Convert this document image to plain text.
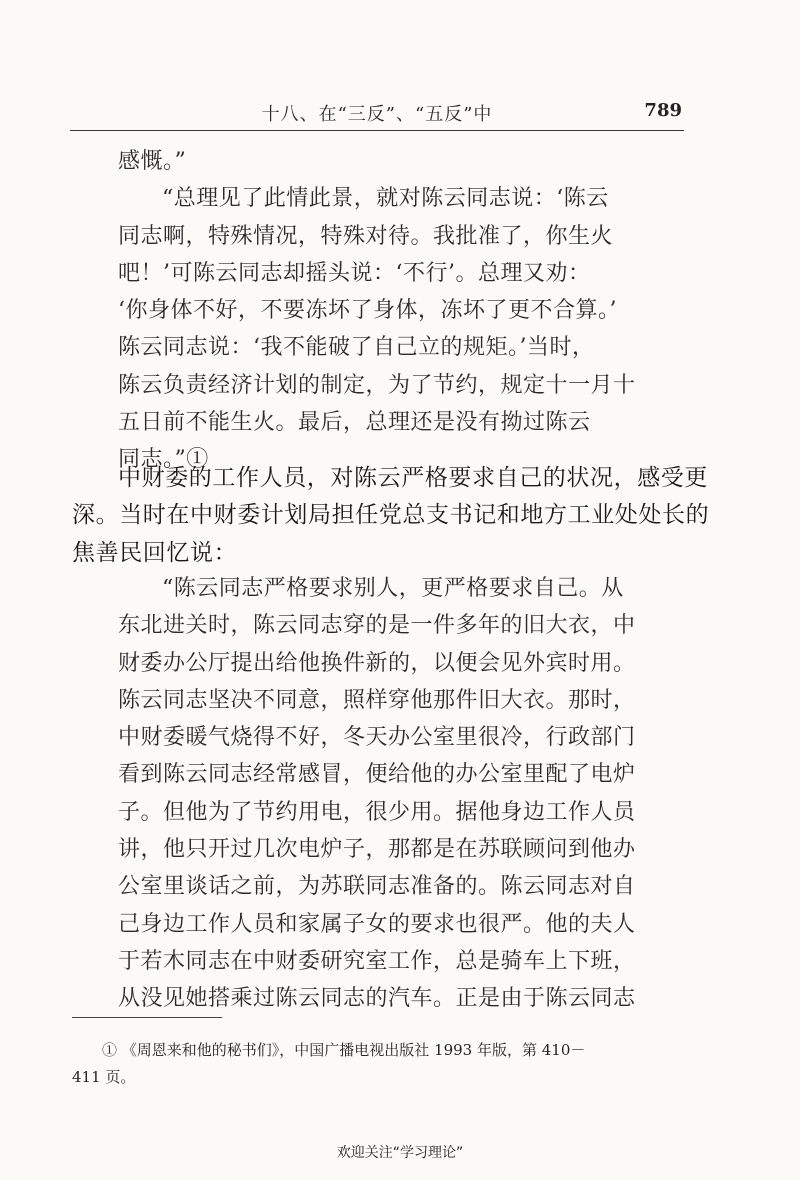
十八、在“三反”、“五反”中	789
感慨。”
“总理见了此情此景，就对陈云同志说：‘陈云
同志啊，特殊情况，特殊对待。我批准了，你生火
吧！’可陈云同志却摇头说：‘不行’。总理又劝：
‘你身体不好，不要冻坏了身体，冻坏了更不合算。’
陈云同志说：‘我不能破了自己立的规矩。’当时，
陈云负责经济计划的制定，为了节约，规定十一月十
五日前不能生火。最后，总理还是没有拗过陈云
同志。”①
中财委的工作人员，对陈云严格要求自己的状况，感受更
深。当时在中财委计划局担任党总支书记和地方工业处处长的
焦善民回忆说：
“陈云同志严格要求别人，更严格要求自己。从
东北进关时，陈云同志穿的是一件多年的旧大衣，中
财委办公厅提出给他换件新的，以便会见外宾时用。
陈云同志坚决不同意，照样穿他那件旧大衣。那时，
中财委暖气烧得不好，冬天办公室里很冷，行政部门
看到陈云同志经常感冒，便给他的办公室里配了电炉
子。但他为了节约用电，很少用。据他身边工作人员
讲，他只开过几次电炉子，那都是在苏联顾问到他办
公室里谈话之前，为苏联同志准备的。陈云同志对自
己身边工作人员和家属子女的要求也很严。他的夫人
于若木同志在中财委研究室工作，总是骑车上下班，
从没见她搭乘过陈云同志的汽车。正是由于陈云同志
① 《周恩来和他的秘书们》，中国广播电视出版社 1993 年版，第 410－
411 页。
欢迎关注“学习理论”
